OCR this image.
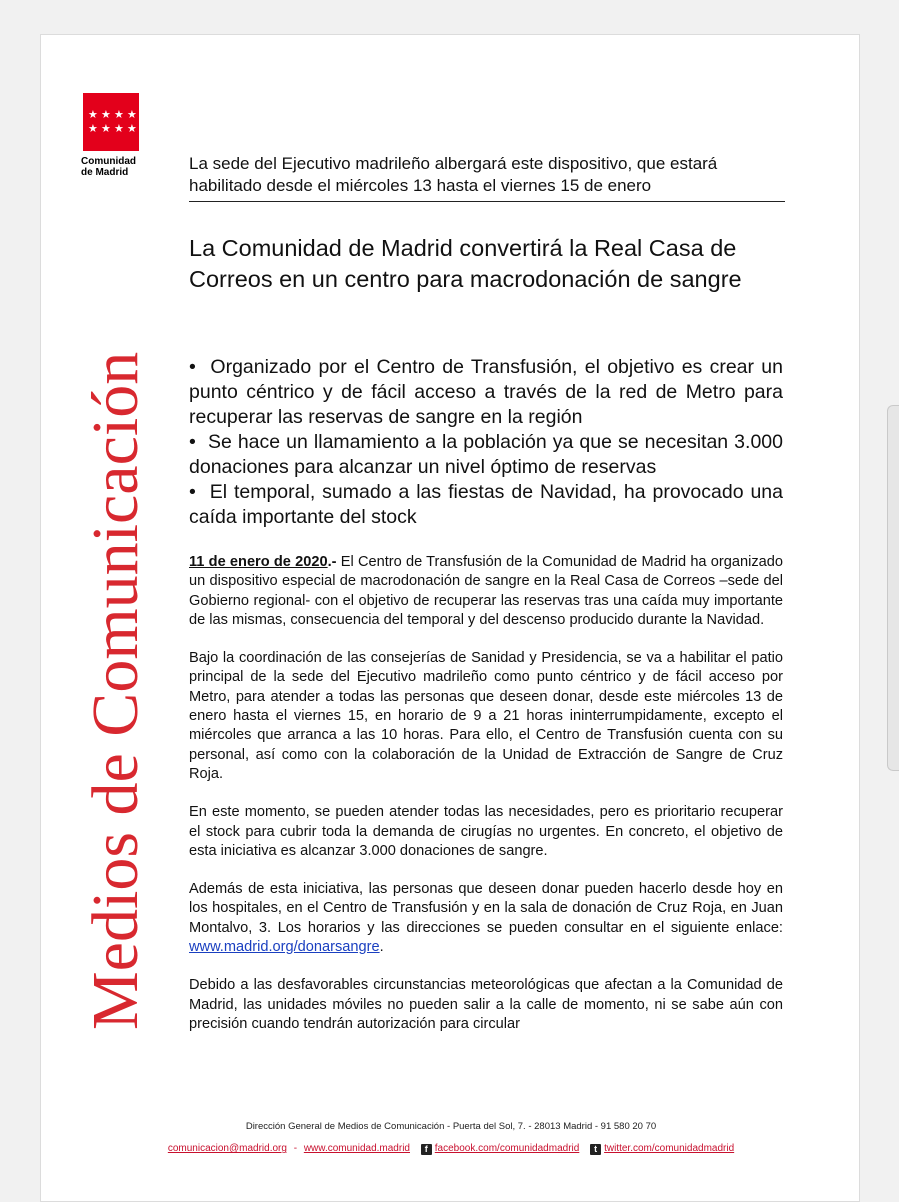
★ ★ ★ ★
★ ★ ★ ★
Comunidad
de Madrid
Medios de Comunicación
La sede del Ejecutivo madrileño albergará este dispositivo, que estará habilitado desde el miércoles 13 hasta el viernes 15 de enero
La Comunidad de Madrid convertirá la Real Casa de Correos en un centro para macrodonación de sangre

•  Organizado por el Centro de Transfusión, el objetivo es crear un punto céntrico y de fácil acceso a través de la red de Metro para recuperar las reservas de sangre en la región

•  Se hace un llamamiento a la población ya que se necesitan 3.000 donaciones para alcanzar un nivel óptimo de reservas

•  El temporal, sumado a las fiestas de Navidad, ha provocado una caída importante del stock

11 de enero de 2020.- El Centro de Transfusión de la Comunidad de Madrid ha organizado un dispositivo especial de macrodonación de sangre en la Real Casa de Correos –sede del Gobierno regional- con el objetivo de recuperar las reservas tras una caída muy importante de las mismas, consecuencia del temporal y del descenso producido durante la Navidad.

Bajo la coordinación de las consejerías de Sanidad y Presidencia, se va a habilitar el patio principal de la sede del Ejecutivo madrileño como punto céntrico y de fácil acceso por Metro, para atender a todas las personas que deseen donar, desde este miércoles 13 de enero hasta el viernes 15, en horario de 9 a 21 horas ininterrumpidamente, excepto el miércoles que arranca a las 10 horas. Para ello, el Centro de Transfusión cuenta con su personal, así como con la colaboración de la Unidad de Extracción de Sangre de Cruz Roja.

En este momento, se pueden atender todas las necesidades, pero es prioritario recuperar el stock para cubrir toda la demanda de cirugías no urgentes. En concreto, el objetivo de esta iniciativa es alcanzar 3.000 donaciones de sangre.

Además de esta iniciativa, las personas que deseen donar pueden hacerlo desde hoy en los hospitales, en el Centro de Transfusión y en la sala de donación de Cruz Roja, en Juan Montalvo, 3. Los horarios y las direcciones se pueden consultar en el siguiente enlace: www.madrid.org/donarsangre.

Debido a las desfavorables circunstancias meteorológicas que afectan a la Comunidad de Madrid, las unidades móviles no pueden salir a la calle de momento, ni se sabe aún con precisión cuando tendrán autorización para circular

Dirección General de Medios de Comunicación - Puerta del Sol, 7. - 28013 Madrid - 91 580 20 70
comunicacion@madrid.org - www.comunidad.madrid f facebook.com/comunidadmadrid t twitter.com/comunidadmadrid
